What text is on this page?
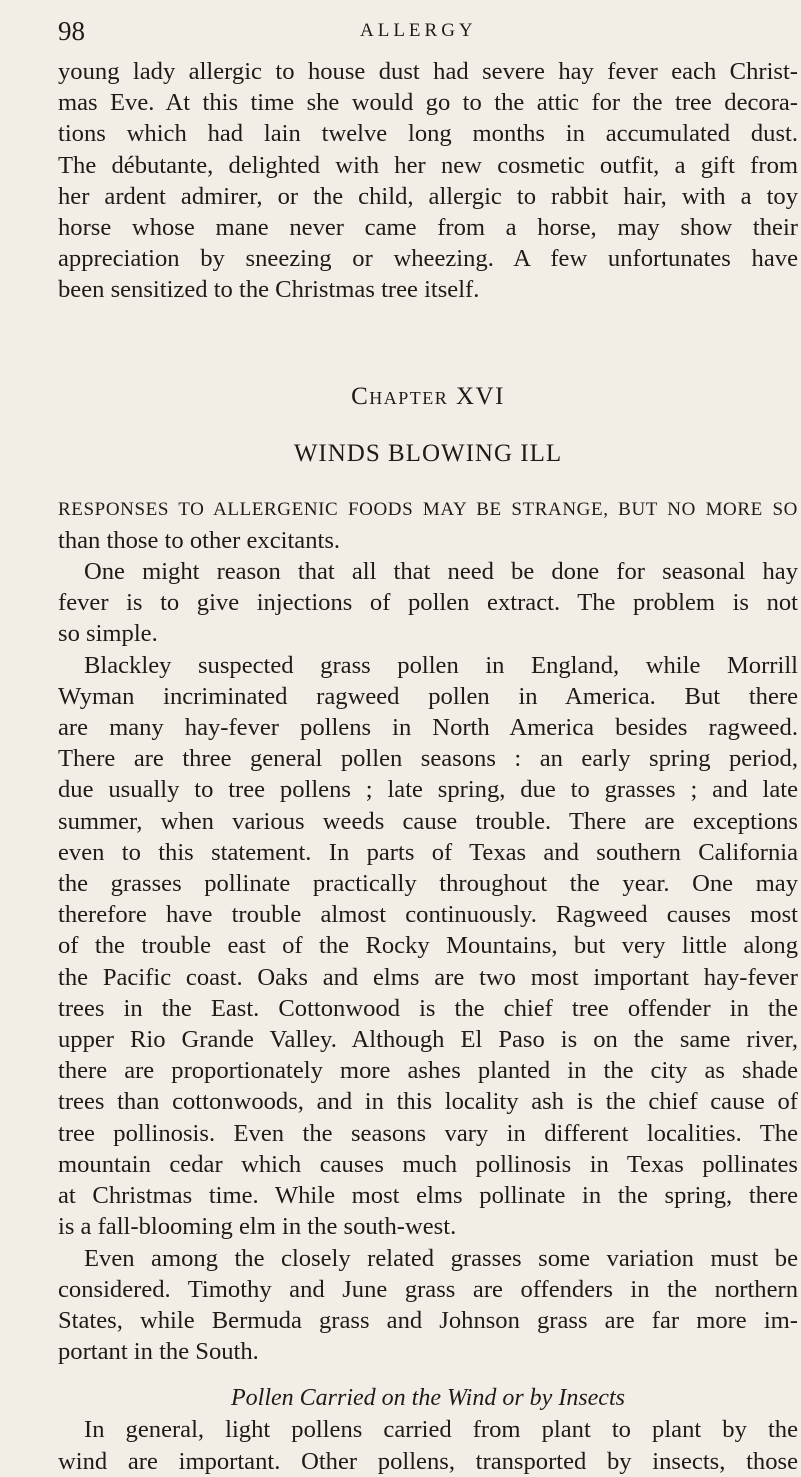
98	ALLERGY
young lady allergic to house dust had severe hay fever each Christ-
mas Eve. At this time she would go to the attic for the tree decora-
tions which had lain twelve long months in accumulated dust.
The débutante, delighted with her new cosmetic outfit, a gift from
her ardent admirer, or the child, allergic to rabbit hair, with a toy
horse whose mane never came from a horse, may show their
appreciation by sneezing or wheezing. A few unfortunates have
been sensitized to the Christmas tree itself.
Chapter XVI
WINDS BLOWING ILL
RESPONSES TO ALLERGENIC FOODS MAY BE STRANGE, BUT NO MORE SO
than those to other excitants.
One might reason that all that need be done for seasonal hay
fever is to give injections of pollen extract. The problem is not
so simple.
Blackley suspected grass pollen in England, while Morrill
Wyman incriminated ragweed pollen in America. But there
are many hay-fever pollens in North America besides ragweed.
There are three general pollen seasons : an early spring period,
due usually to tree pollens ; late spring, due to grasses ; and late
summer, when various weeds cause trouble. There are exceptions
even to this statement. In parts of Texas and southern California
the grasses pollinate practically throughout the year. One may
therefore have trouble almost continuously. Ragweed causes most
of the trouble east of the Rocky Mountains, but very little along
the Pacific coast. Oaks and elms are two most important hay-fever
trees in the East. Cottonwood is the chief tree offender in the
upper Rio Grande Valley. Although El Paso is on the same river,
there are proportionately more ashes planted in the city as shade
trees than cottonwoods, and in this locality ash is the chief cause of
tree pollinosis. Even the seasons vary in different localities. The
mountain cedar which causes much pollinosis in Texas pollinates
at Christmas time. While most elms pollinate in the spring, there
is a fall-blooming elm in the south-west.
Even among the closely related grasses some variation must be
considered. Timothy and June grass are offenders in the northern
States, while Bermuda grass and Johnson grass are far more im-
portant in the South.
Pollen Carried on the Wind or by Insects
In general, light pollens carried from plant to plant by the
wind are important. Other pollens, transported by insects, those
